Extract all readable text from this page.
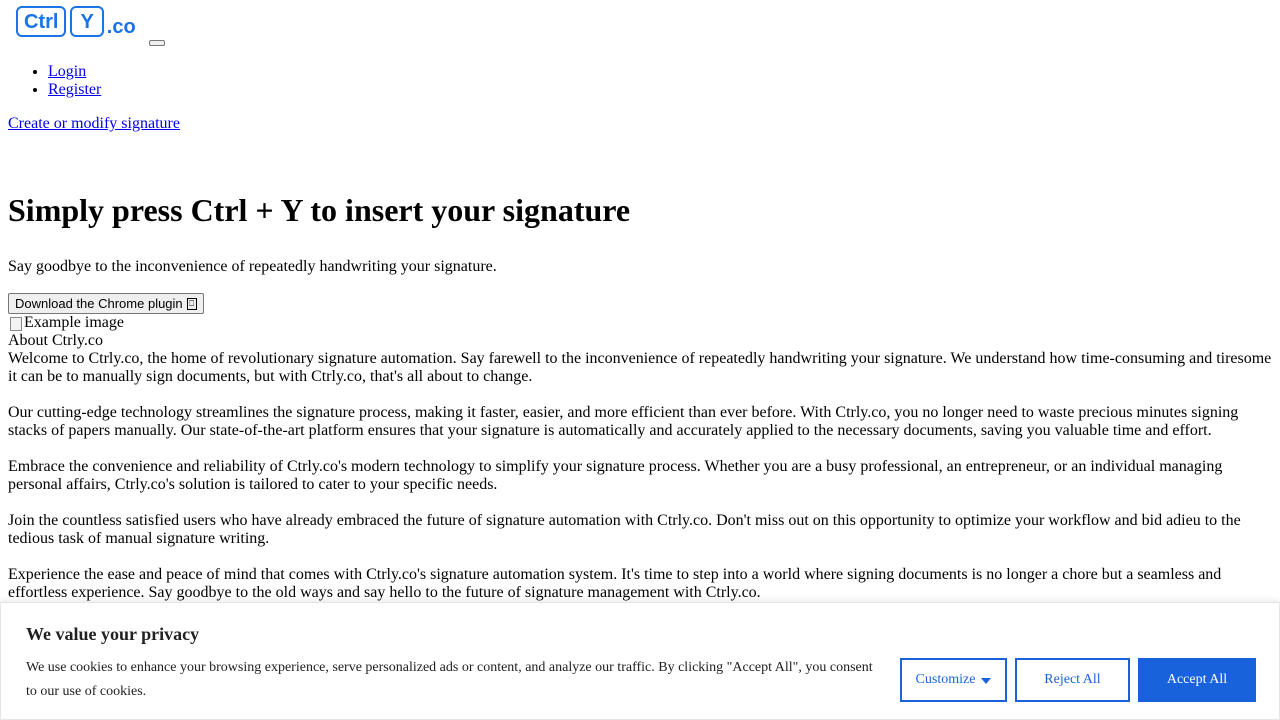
Ctrl	Y .co
• Login
• Register
Create or modify signature
Simply press Ctrl + Y to insert your signature

Say goodbye to the inconvenience of repeatedly handwriting your signature.

Download the Chrome plugin ⎕
Example image
About Ctrly.co

Welcome to Ctrly.co, the home of revolutionary signature automation. Say farewell to the inconvenience of repeatedly handwriting your signature. We understand how time-consuming and tiresome it can be to manually sign documents, but with Ctrly.co, that's all about to change.

Our cutting-edge technology streamlines the signature process, making it faster, easier, and more efficient than ever before. With Ctrly.co, you no longer need to waste precious minutes signing stacks of papers manually. Our state-of-the-art platform ensures that your signature is automatically and accurately applied to the necessary documents, saving you valuable time and effort.

Embrace the convenience and reliability of Ctrly.co's modern technology to simplify your signature process. Whether you are a busy professional, an entrepreneur, or an individual managing personal affairs, Ctrly.co's solution is tailored to cater to your specific needs.

Join the countless satisfied users who have already embraced the future of signature automation with Ctrly.co. Don't miss out on this opportunity to optimize your workflow and bid adieu to the tedious task of manual signature writing.

Experience the ease and peace of mind that comes with Ctrly.co's signature automation system. It's time to step into a world where signing documents is no longer a chore but a seamless and effortless experience. Say goodbye to the old ways and say hello to the future of signature management with Ctrly.co.

We value your privacy

We use cookies to enhance your browsing experience, serve personalized ads or content, and analyze our traffic. By clicking "Accept All", you consent to our use of cookies.

Customize	Reject All	Accept All
